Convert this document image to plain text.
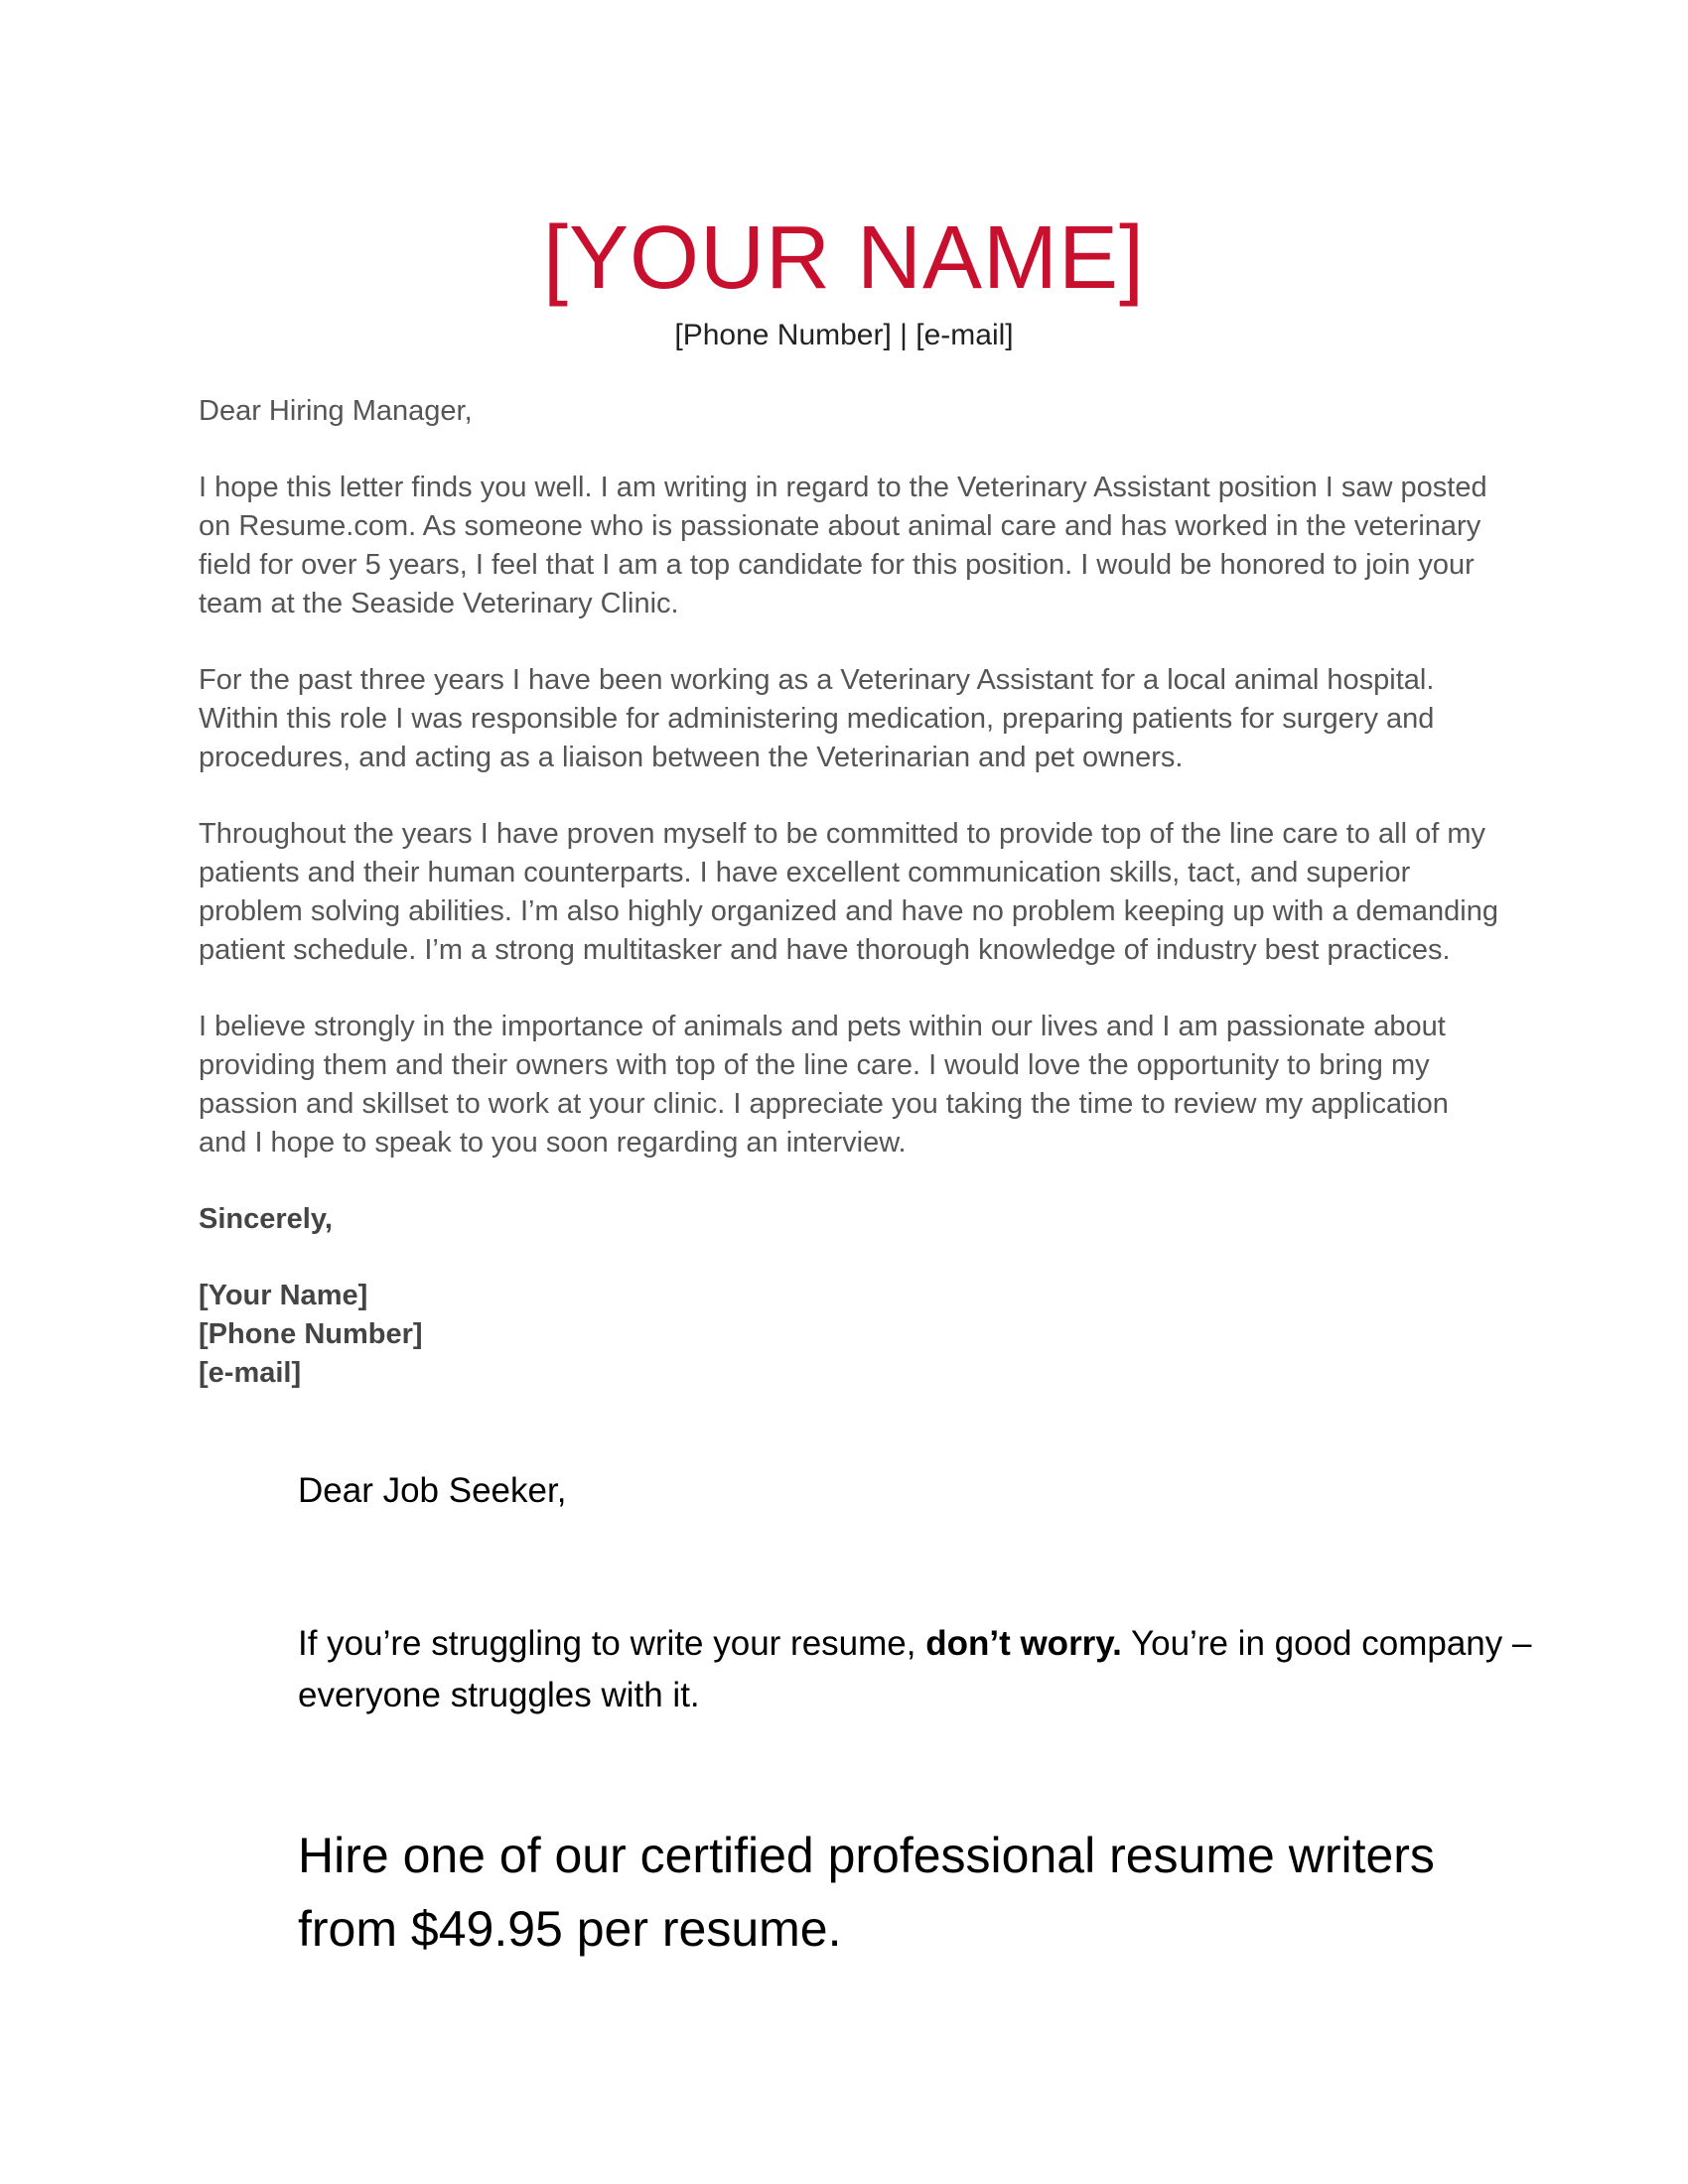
[YOUR NAME]
[Phone Number] | [e-mail]

Dear Hiring Manager,

I hope this letter finds you well. I am writing in regard to the Veterinary Assistant position I saw posted on Resume.com. As someone who is passionate about animal care and has worked in the veterinary field for over 5 years, I feel that I am a top candidate for this position. I would be honored to join your team at the Seaside Veterinary Clinic.

For the past three years I have been working as a Veterinary Assistant for a local animal hospital. Within this role I was responsible for administering medication, preparing patients for surgery and procedures, and acting as a liaison between the Veterinarian and pet owners.

Throughout the years I have proven myself to be committed to provide top of the line care to all of my patients and their human counterparts. I have excellent communication skills, tact, and superior problem solving abilities. I’m also highly organized and have no problem keeping up with a demanding patient schedule. I’m a strong multitasker and have thorough knowledge of industry best practices.

I believe strongly in the importance of animals and pets within our lives and I am passionate about providing them and their owners with top of the line care. I would love the opportunity to bring my passion and skillset to work at your clinic. I appreciate you taking the time to review my application and I hope to speak to you soon regarding an interview.

Sincerely,

[Your Name]
[Phone Number]
[e-mail]
Dear Job Seeker,
If you’re struggling to write your resume, don’t worry. You’re in good company – everyone struggles with it.
Hire one of our certified professional resume writers from $49.95 per resume.
